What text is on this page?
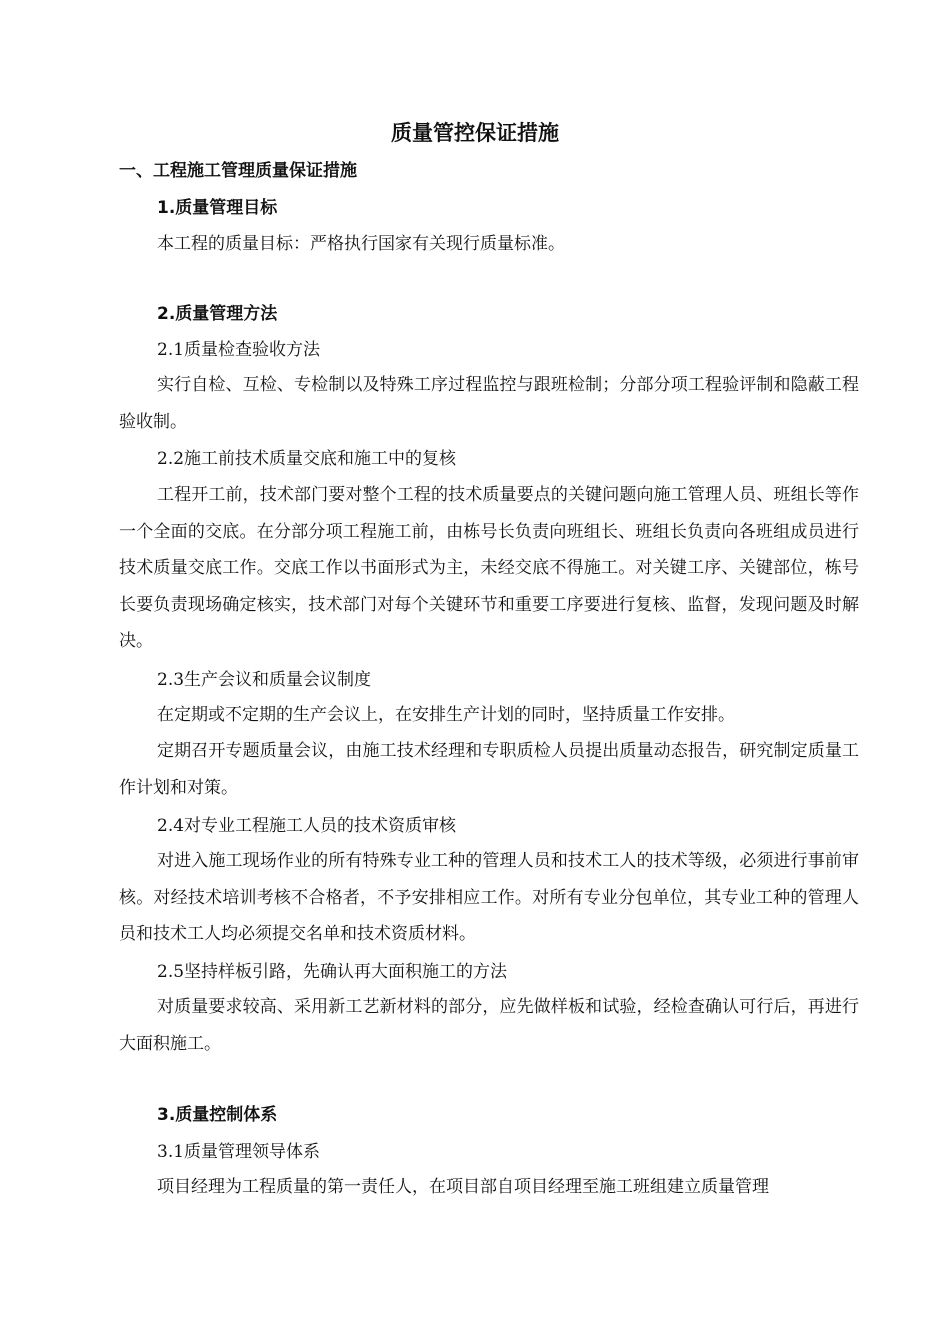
质量管控保证措施
一、工程施工管理质量保证措施
1.质量管理目标

本工程的质量目标：严格执行国家有关现行质量标准。

2.质量管理方法

2.1质量检查验收方法

实行自检、互检、专检制以及特殊工序过程监控与跟班检制；分部分项工程验评制和隐蔽工程验收制。

2.2施工前技术质量交底和施工中的复核

工程开工前，技术部门要对整个工程的技术质量要点的关键问题向施工管理人员、班组长等作一个全面的交底。在分部分项工程施工前，由栋号长负责向班组长、班组长负责向各班组成员进行技术质量交底工作。交底工作以书面形式为主，未经交底不得施工。对关键工序、关键部位，栋号长要负责现场确定核实，技术部门对每个关键环节和重要工序要进行复核、监督，发现问题及时解决。

2.3生产会议和质量会议制度

在定期或不定期的生产会议上，在安排生产计划的同时，坚持质量工作安排。

定期召开专题质量会议，由施工技术经理和专职质检人员提出质量动态报告，研究制定质量工作计划和对策。

2.4对专业工程施工人员的技术资质审核

对进入施工现场作业的所有特殊专业工种的管理人员和技术工人的技术等级，必须进行事前审核。对经技术培训考核不合格者，不予安排相应工作。对所有专业分包单位，其专业工种的管理人员和技术工人均必须提交名单和技术资质材料。

2.5坚持样板引路，先确认再大面积施工的方法

对质量要求较高、采用新工艺新材料的部分，应先做样板和试验，经检查确认可行后，再进行大面积施工。

3.质量控制体系

3.1质量管理领导体系

项目经理为工程质量的第一责任人，在项目部自项目经理至施工班组建立质量管理
